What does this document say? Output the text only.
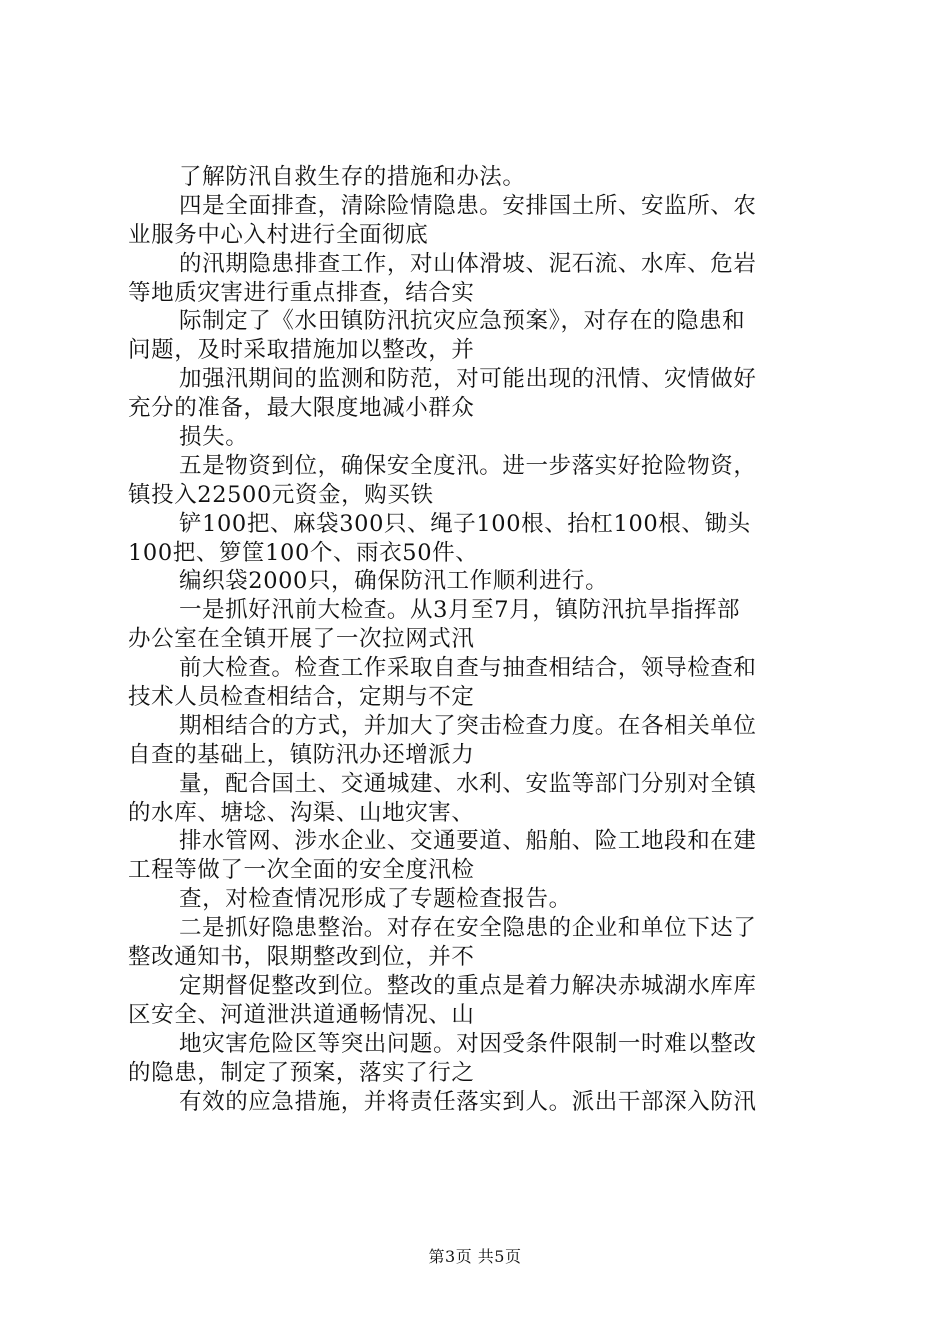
了解防汛自救生存的措施和办法。
四是全面排查，清除险情隐患。安排国土所、安监所、农
业服务中心入村进行全面彻底
的汛期隐患排查工作，对山体滑坡、泥石流、水库、危岩
等地质灾害进行重点排查，结合实
际制定了《水田镇防汛抗灾应急预案》，对存在的隐患和
问题，及时采取措施加以整改，并
加强汛期间的监测和防范，对可能出现的汛情、灾情做好
充分的准备，最大限度地减小群众
损失。
五是物资到位，确保安全度汛。进一步落实好抢险物资，
镇投入22500元资金，购买铁
铲100把、麻袋300只、绳子100根、抬杠100根、锄头
100把、箩筐100个、雨衣50件、
编织袋2000只，确保防汛工作顺利进行。
一是抓好汛前大检查。从3月至7月，镇防汛抗旱指挥部
办公室在全镇开展了一次拉网式汛
前大检查。检查工作采取自查与抽查相结合，领导检查和
技术人员检查相结合，定期与不定
期相结合的方式，并加大了突击检查力度。在各相关单位
自查的基础上，镇防汛办还增派力
量，配合国土、交通城建、水利、安监等部门分别对全镇
的水库、塘埝、沟渠、山地灾害、
排水管网、涉水企业、交通要道、船舶、险工地段和在建
工程等做了一次全面的安全度汛检
查，对检查情况形成了专题检查报告。
二是抓好隐患整治。对存在安全隐患的企业和单位下达了
整改通知书，限期整改到位，并不
定期督促整改到位。整改的重点是着力解决赤城湖水库库
区安全、河道泄洪道通畅情况、山
地灾害危险区等突出问题。对因受条件限制一时难以整改
的隐患，制定了预案，落实了行之
有效的应急措施，并将责任落实到人。派出干部深入防汛
第3页 共5页
